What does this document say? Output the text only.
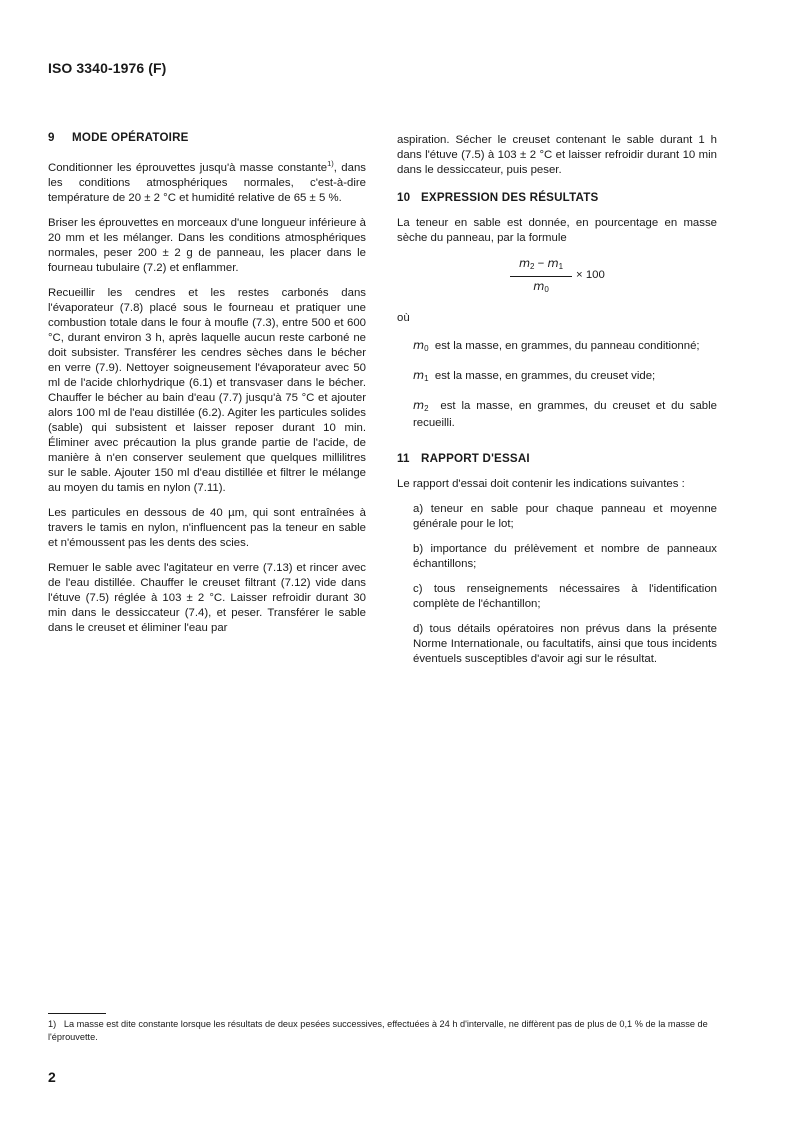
ISO 3340-1976 (F)
9 MODE OPÉRATOIRE

Conditionner les éprouvettes jusqu'à masse constante$^{1)}$, dans les conditions atmosphériques normales, c'est-à-dire température de 20 ± 2 °C et humidité relative de 65 ± 5 %.

Briser les éprouvettes en morceaux d'une longueur inférieure à 20 mm et les mélanger. Dans les conditions atmosphériques normales, peser 200 ± 2 g de panneau, les placer dans le fourneau tubulaire (7.2) et enflammer.

Recueillir les cendres et les restes carbonés dans l'évaporateur (7.8) placé sous le fourneau et pratiquer une combustion totale dans le four à moufle (7.3), entre 500 et 600 °C, durant environ 3 h, après laquelle aucun reste carboné ne doit subsister. Transférer les cendres sèches dans le bécher en verre (7.9). Nettoyer soigneusement l'évaporateur avec 50 ml de l'acide chlorhydrique (6.1) et transvaser dans le bécher. Chauffer le bécher au bain d'eau (7.7) jusqu'à 75 °C et ajouter alors 100 ml de l'eau distillée (6.2). Agiter les particules solides (sable) qui subsistent et laisser reposer durant 10 min. Éliminer avec précaution la plus grande partie de l'acide, de manière à n'en conserver seulement que quelques millilitres sur le sable. Ajouter 150 ml d'eau distillée et filtrer le mélange au moyen du tamis en nylon (7.11).

Les particules en dessous de 40 µm, qui sont entraînées à travers le tamis en nylon, n'influencent pas la teneur en sable et n'émoussent pas les dents des scies.

Remuer le sable avec l'agitateur en verre (7.13) et rincer avec de l'eau distillée. Chauffer le creuset filtrant (7.12) vide dans l'étuve (7.5) réglée à 103 ± 2 °C. Laisser refroidir durant 30 min dans le dessiccateur (7.4), et peser. Transférer le sable dans le creuset et éliminer l'eau par

aspiration. Sécher le creuset contenant le sable durant 1 h dans l'étuve (7.5) à 103 ± 2 °C et laisser refroidir durant 10 min dans le dessiccateur, puis peser.

10 EXPRESSION DES RÉSULTATS

La teneur en sable est donnée, en pourcentage en masse sèche du panneau, par la formule

$\frac{m_2 - m_1}{m_0} \times 100$

où

$m_0$ est la masse, en grammes, du panneau conditionné;

$m_1$ est la masse, en grammes, du creuset vide;

$m_2$ est la masse, en grammes, du creuset et du sable recueilli.

11 RAPPORT D'ESSAI

Le rapport d'essai doit contenir les indications suivantes :

a) teneur en sable pour chaque panneau et moyenne générale pour le lot;

b) importance du prélèvement et nombre de panneaux échantillons;

c) tous renseignements nécessaires à l'identification complète de l'échantillon;

d) tous détails opératoires non prévus dans la présente Norme Internationale, ou facultatifs, ainsi que tous incidents éventuels susceptibles d'avoir agi sur le résultat.

1) La masse est dite constante lorsque les résultats de deux pesées successives, effectuées à 24 h d'intervalle, ne diffèrent pas de plus de 0,1 % de la masse de l'éprouvette.
2
